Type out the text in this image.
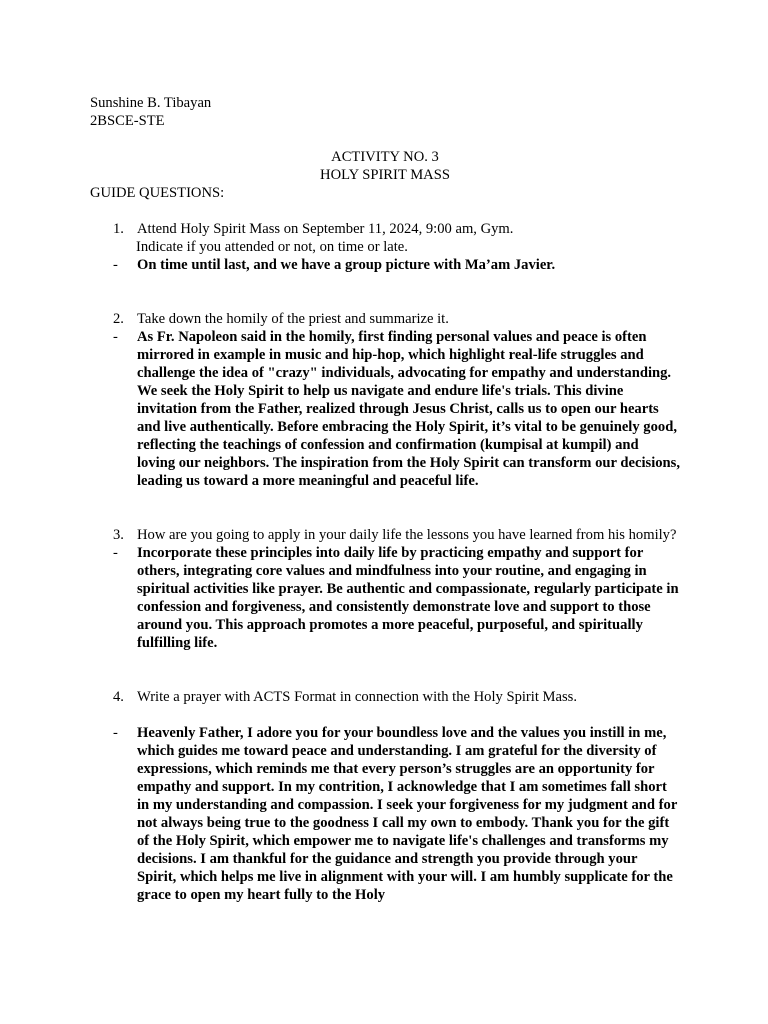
Sunshine B. Tibayan

2BSCE-STE

ACTIVITY NO. 3

HOLY SPIRIT MASS

GUIDE QUESTIONS:

1. Attend Holy Spirit Mass on September 11, 2024, 9:00 am, Gym.

Indicate if you attended or not, on time or late.

-	On time until last, and we have a group picture with Ma’am Javier.
2. Take down the homily of the priest and summarize it.
-	As Fr. Napoleon said in the homily, first finding personal values and peace is often mirrored in example in music and hip-hop, which highlight real-life struggles and challenge the idea of "crazy" individuals, advocating for empathy and understanding. We seek the Holy Spirit to help us navigate and endure life's trials. This divine invitation from the Father, realized through Jesus Christ, calls us to open our hearts and live authentically. Before embracing the Holy Spirit, it’s vital to be genuinely good, reflecting the teachings of confession and confirmation (kumpisal at kumpil) and loving our neighbors. The inspiration from the Holy Spirit can transform our decisions, leading us toward a more meaningful and peaceful life.
3. How are you going to apply in your daily life the lessons you have learned from his homily?
-	Incorporate these principles into daily life by practicing empathy and support for others, integrating core values and mindfulness into your routine, and engaging in spiritual activities like prayer. Be authentic and compassionate, regularly participate in confession and forgiveness, and consistently demonstrate love and support to those around you. This approach promotes a more peaceful, purposeful, and spiritually fulfilling life.
4. Write a prayer with ACTS Format in connection with the Holy Spirit Mass.
-	Heavenly Father, I adore you for your boundless love and the values you instill in me, which guides me toward peace and understanding. I am grateful for the diversity of expressions, which reminds me that every person’s struggles are an opportunity for empathy and support. In my contrition, I acknowledge that I am sometimes fall short in my understanding and compassion. I seek your forgiveness for my judgment and for not always being true to the goodness I call my own to embody. Thank you for the gift of the Holy Spirit, which empower me to navigate life's challenges and transforms my decisions. I am thankful for the guidance and strength you provide through your Spirit, which helps me live in alignment with your will. I am humbly supplicate for the grace to open my heart fully to the Holy
